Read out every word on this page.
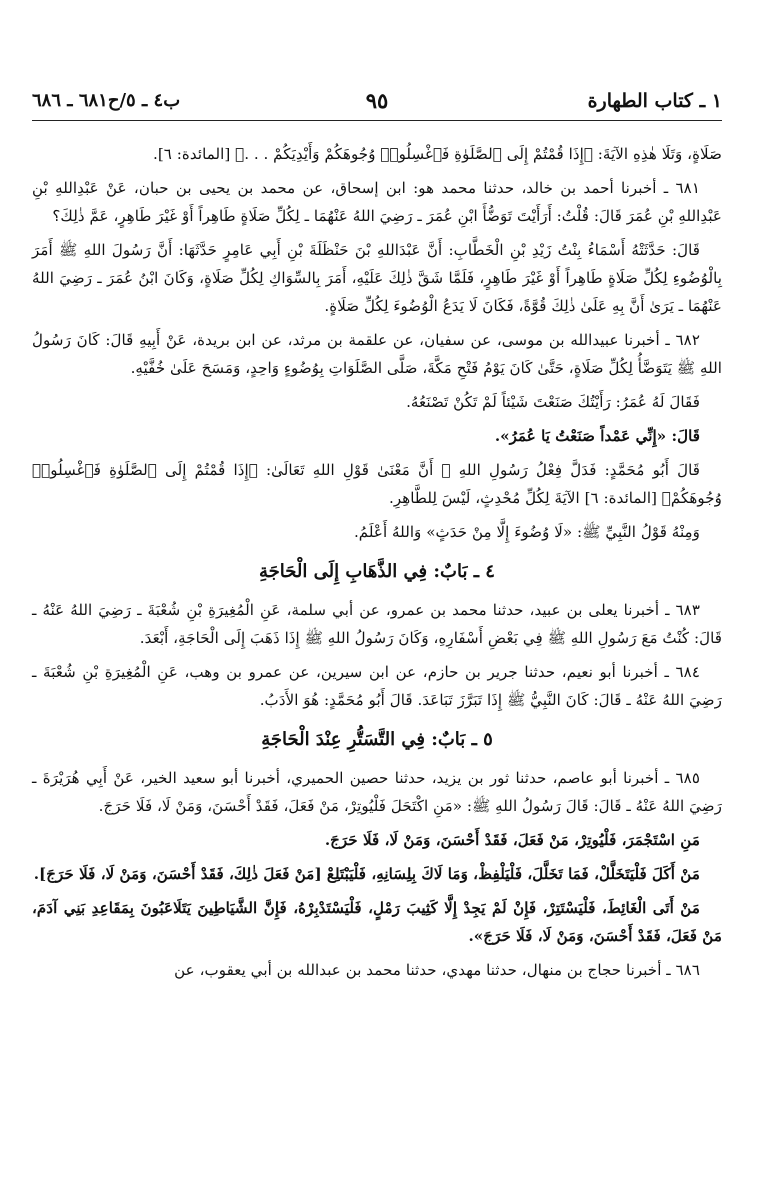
١ ـ كتاب الطهارة
٩٥
ب٤ ـ ٥/ح٦٨١ ـ ٦٨٦

صَلَاةٍ، وَتَلَا هٰذِهِ الآيَةَ: ﴿إِذَا قُمْتُمْ إِلَى ٱلصَّلَوٰةِ فَٱغْسِلُوا۟ وُجُوهَكُمْ وَأَيْدِيَكُمْ . . .﴾ [المائدة: ٦].

٦٨١ ـ أخبرنا أحمد بن خالد، حدثنا محمد هو: ابن إسحاق، عن محمد بن يحيى بن حبان، عَنْ عَبْدِاللهِ بْنِ عَبْدِاللهِ بْنِ عُمَرَ قَالَ: قُلْتُ: أَرَأَيْتَ تَوَضُّأَ ابْنِ عُمَرَ ـ رَضِيَ اللهُ عَنْهُمَا ـ لِكُلِّ صَلَاةٍ طَاهِراً أَوْ غَيْرَ طَاهِرٍ، عَمَّ ذٰلِكَ؟

قَالَ: حَدَّثَتْهُ أَسْمَاءُ بِنْتُ زَيْدِ بْنِ الْخَطَّابِ: أَنَّ عَبْدَاللهِ بْنَ حَنْظَلَةَ بْنِ أَبِي عَامِرٍ حَدَّثَهَا: أَنَّ رَسُولَ اللهِ ﷺ أَمَرَ بِالْوُضُوءِ لِكُلِّ صَلَاةٍ طَاهِراً أَوْ غَيْرَ طَاهِرٍ، فَلَمَّا شَقَّ ذٰلِكَ عَلَيْهِ، أَمَرَ بِالسِّوَاكِ لِكُلِّ صَلَاةٍ، وَكَانَ ابْنُ عُمَرَ ـ رَضِيَ اللهُ عَنْهُمَا ـ يَرَىٰ أَنَّ بِهِ عَلَىٰ ذٰلِكَ قُوَّةً، فَكَانَ لَا يَدَعُ الْوُضُوءَ لِكُلِّ صَلَاةٍ.

٦٨٢ ـ أخبرنا عبيدالله بن موسى، عن سفيان، عن علقمة بن مرثد، عن ابن بريدة، عَنْ أَبِيهِ قَالَ: كَانَ رَسُولُ اللهِ ﷺ يَتَوَضَّأُ لِكُلِّ صَلَاةٍ، حَتَّىٰ كَانَ يَوْمُ فَتْحِ مَكَّةَ، صَلَّى الصَّلَوَاتِ بِوُضُوءٍ وَاحِدٍ، وَمَسَحَ عَلَىٰ خُفَّيْهِ.

فَقَالَ لَهُ عُمَرُ: رَأَيْتُكَ صَنَعْتَ شَيْئاً لَمْ تَكُنْ تَصْنَعُهُ.

قَالَ: «إِنِّي عَمْداً صَنَعْتُ يَا عُمَرُ».

قَالَ أَبُو مُحَمَّدٍ: فَدَلَّ فِعْلُ رَسُولِ اللهِ ﷺ أَنَّ مَعْنَىٰ قَوْلِ اللهِ تَعَالَىٰ: ﴿إِذَا قُمْتُمْ إِلَى ٱلصَّلَوٰةِ فَٱغْسِلُوا۟ وُجُوهَكُمْ﴾ [المائدة: ٦] الآيَةَ لِكُلِّ مُحْدِثٍ، لَيْسَ لِلطَّاهِرِ.

وَمِنْهُ قَوْلُ النَّبِيِّ ﷺ: «لَا وُضُوءَ إِلَّا مِنْ حَدَثٍ» وَاللهُ أَعْلَمُ.

٤ ـ بَابٌ: فِي الذَّهَابِ إِلَى الْحَاجَةِ

٦٨٣ ـ أخبرنا يعلى بن عبيد، حدثنا محمد بن عمرو، عن أبي سلمة، عَنِ الْمُغِيرَةِ بْنِ شُعْبَةَ ـ رَضِيَ اللهُ عَنْهُ ـ قَالَ: كُنْتُ مَعَ رَسُولِ اللهِ ﷺ فِي بَعْضِ أَسْفَارِهِ، وَكَانَ رَسُولُ اللهِ ﷺ إِذَا ذَهَبَ إِلَى الْحَاجَةِ، أَبْعَدَ.

٦٨٤ ـ أخبرنا أبو نعيم، حدثنا جرير بن حازم، عن ابن سيرين، عن عمرو بن وهب، عَنِ الْمُغِيرَةِ بْنِ شُعْبَةَ ـ رَضِيَ اللهُ عَنْهُ ـ قَالَ: كَانَ النَّبِيُّ ﷺ إِذَا تَبَرَّزَ تَبَاعَدَ. قَالَ أَبُو مُحَمَّدٍ: هُوَ الأَدَبُ.

٥ ـ بَابٌ: فِي التَّسَتُّرِ عِنْدَ الْحَاجَةِ

٦٨٥ ـ أخبرنا أبو عاصم، حدثنا ثور بن يزيد، حدثنا حصين الحميري، أخبرنا أبو سعيد الخير، عَنْ أَبِي هُرَيْرَةَ ـ رَضِيَ اللهُ عَنْهُ ـ قَالَ: قَالَ رَسُولُ اللهِ ﷺ: «مَنِ اكْتَحَلَ فَلْيُوتِرْ، مَنْ فَعَلَ، فَقَدْ أَحْسَنَ، وَمَنْ لَا، فَلَا حَرَجَ.

مَنِ اسْتَجْمَرَ، فَلْيُوتِرْ، مَنْ فَعَلَ، فَقَدْ أَحْسَنَ، وَمَنْ لَا، فَلَا حَرَجَ.

مَنْ أَكَلَ فَلْيَتَخَلَّلْ، فَمَا تَخَلَّلَ، فَلْيَلْفِظْ، وَمَا لَاكَ بِلِسَانِهِ، فَلْيَبْتَلِعْ [مَنْ فَعَلَ ذٰلِكَ، فَقَدْ أَحْسَنَ، وَمَنْ لَا، فَلَا حَرَجَ].

مَنْ أَتَى الْغَائِطَ، فَلْيَسْتَتِرْ، فَإِنْ لَمْ يَجِدْ إِلَّا كَثِيبَ رَمْلٍ، فَلْيَسْتَدْبِرْهُ، فَإِنَّ الشَّيَاطِينَ يَتَلَاعَبُونَ بِمَقَاعِدِ بَنِي آدَمَ، مَنْ فَعَلَ، فَقَدْ أَحْسَنَ، وَمَنْ لَا، فَلَا حَرَجَ».

٦٨٦ ـ أخبرنا حجاج بن منهال، حدثنا مهدي، حدثنا محمد بن عبدالله بن أبي يعقوب، عن
